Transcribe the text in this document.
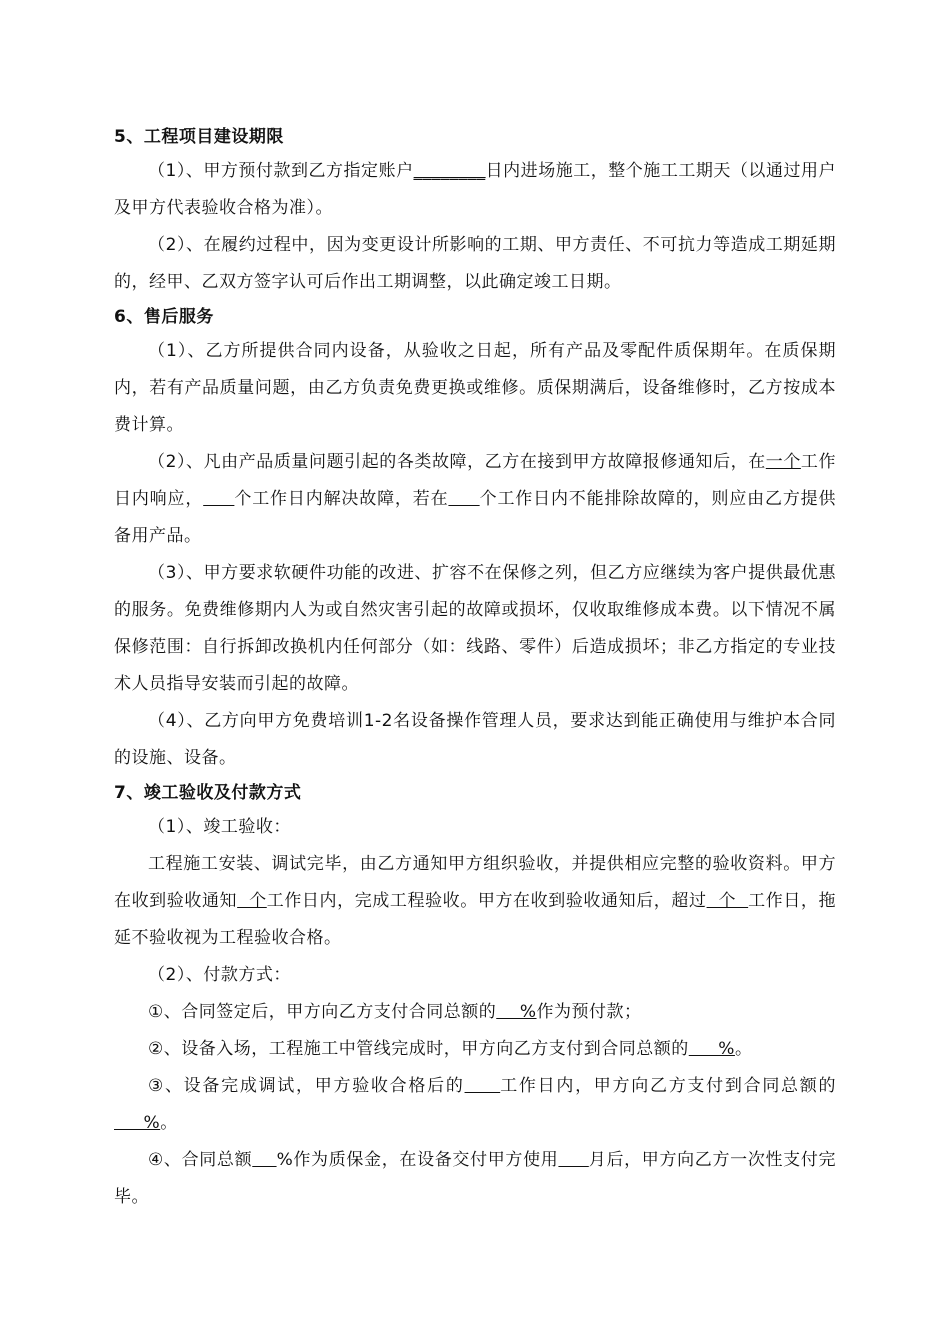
5、工程项目建设期限
（1）、甲方预付款到乙方指定账户________日内进场施工，整个施工工期天（以通过用户及甲方代表验收合格为准）。
（2）、在履约过程中，因为变更设计所影响的工期、甲方责任、不可抗力等造成工期延期的，经甲、乙双方签字认可后作出工期调整，以此确定竣工日期。
6、售后服务
（1）、乙方所提供合同内设备，从验收之日起，所有产品及零配件质保期年。在质保期内，若有产品质量问题，由乙方负责免费更换或维修。质保期满后，设备维修时，乙方按成本费计算。
（2）、凡由产品质量问题引起的各类故障，乙方在接到甲方故障报修通知后，在一个工作日内响应， 个工作日内解决故障，若在 个工作日内不能排除故障的，则应由乙方提供备用产品。
（3）、甲方要求软硬件功能的改进、扩容不在保修之列，但乙方应继续为客户提供最优惠的服务。免费维修期内人为或自然灾害引起的故障或损坏，仅收取维修成本费。以下情况不属保修范围：自行拆卸改换机内任何部分（如：线路、零件）后造成损坏；非乙方指定的专业技术人员指导安装而引起的故障。
（4）、乙方向甲方免费培训1-2名设备操作管理人员，要求达到能正确使用与维护本合同的设施、设备。
7、竣工验收及付款方式
（1）、竣工验收：
工程施工安装、调试完毕，由乙方通知甲方组织验收，并提供相应完整的验收资料。甲方在收到验收通知  个工作日内，完成工程验收。甲方在收到验收通知后，超过  个  工作日，拖延不验收视为工程验收合格。
（2）、付款方式：
①、合同签定后，甲方向乙方支付合同总额的    %作为预付款；
②、设备入场，工程施工中管线完成时，甲方向乙方支付到合同总额的     %。
③、设备完成调试，甲方验收合格后的 工作日内，甲方向乙方支付到合同总额的     %。
④、合同总额 %作为质保金，在设备交付甲方使用 月后，甲方向乙方一次性支付完毕。
